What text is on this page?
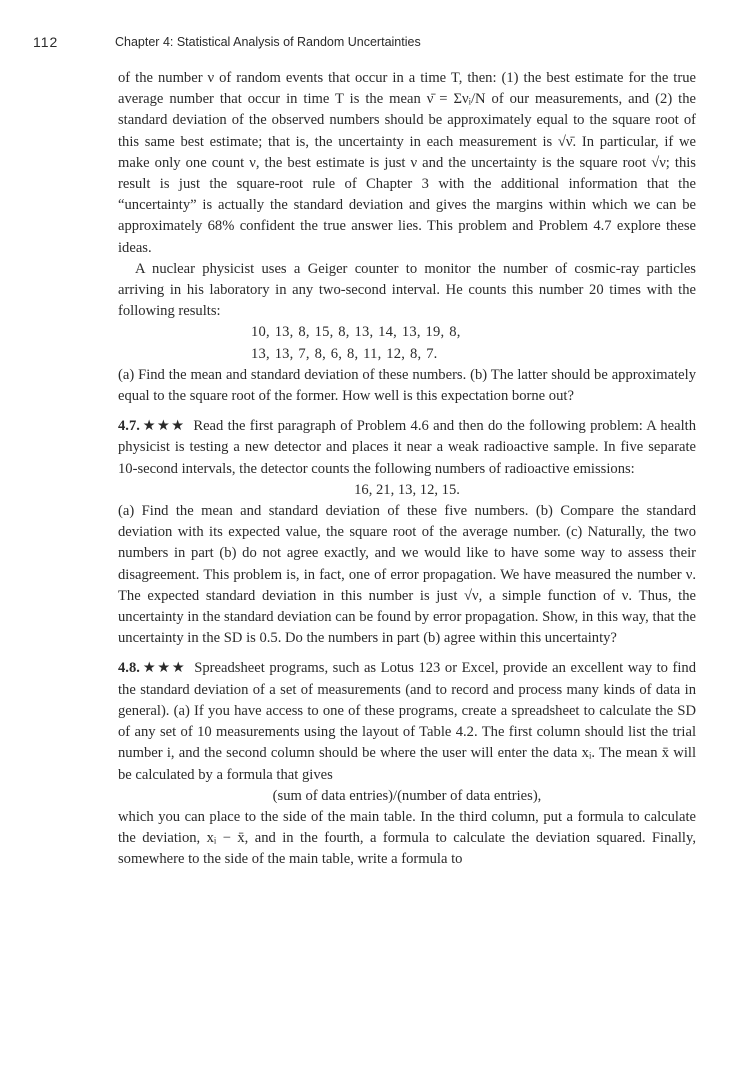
112	Chapter 4: Statistical Analysis of Random Uncertainties

of the number ν of random events that occur in a time T, then: (1) the best estimate for the true average number that occur in time T is the mean ν̄ = Σνᵢ/N of our measurements, and (2) the standard deviation of the observed numbers should be approximately equal to the square root of this same best estimate; that is, the uncertainty in each measurement is √ν̄. In particular, if we make only one count ν, the best estimate is just ν and the uncertainty is the square root √ν; this result is just the square-root rule of Chapter 3 with the additional information that the “uncertainty” is actually the standard deviation and gives the margins within which we can be approximately 68% confident the true answer lies. This problem and Problem 4.7 explore these ideas.

A nuclear physicist uses a Geiger counter to monitor the number of cosmic-ray particles arriving in his laboratory in any two-second interval. He counts this number 20 times with the following results:

10, 13, 8, 15, 8, 13, 14, 13, 19, 8,

13, 13, 7, 8, 6, 8, 11, 12, 8, 7.

(a) Find the mean and standard deviation of these numbers. (b) The latter should be approximately equal to the square root of the former. How well is this expectation borne out?

4.7. ★★★ Read the first paragraph of Problem 4.6 and then do the following problem: A health physicist is testing a new detector and places it near a weak radioactive sample. In five separate 10-second intervals, the detector counts the following numbers of radioactive emissions:

16, 21, 13, 12, 15.

(a) Find the mean and standard deviation of these five numbers. (b) Compare the standard deviation with its expected value, the square root of the average number. (c) Naturally, the two numbers in part (b) do not agree exactly, and we would like to have some way to assess their disagreement. This problem is, in fact, one of error propagation. We have measured the number ν. The expected standard deviation in this number is just √ν, a simple function of ν. Thus, the uncertainty in the standard deviation can be found by error propagation. Show, in this way, that the uncertainty in the SD is 0.5. Do the numbers in part (b) agree within this uncertainty?

4.8. ★★★ Spreadsheet programs, such as Lotus 123 or Excel, provide an excellent way to find the standard deviation of a set of measurements (and to record and process many kinds of data in general). (a) If you have access to one of these programs, create a spreadsheet to calculate the SD of any set of 10 measurements using the layout of Table 4.2. The first column should list the trial number i, and the second column should be where the user will enter the data xᵢ. The mean x̄ will be calculated by a formula that gives

(sum of data entries)/(number of data entries),

which you can place to the side of the main table. In the third column, put a formula to calculate the deviation, xᵢ − x̄, and in the fourth, a formula to calculate the deviation squared. Finally, somewhere to the side of the main table, write a formula to
